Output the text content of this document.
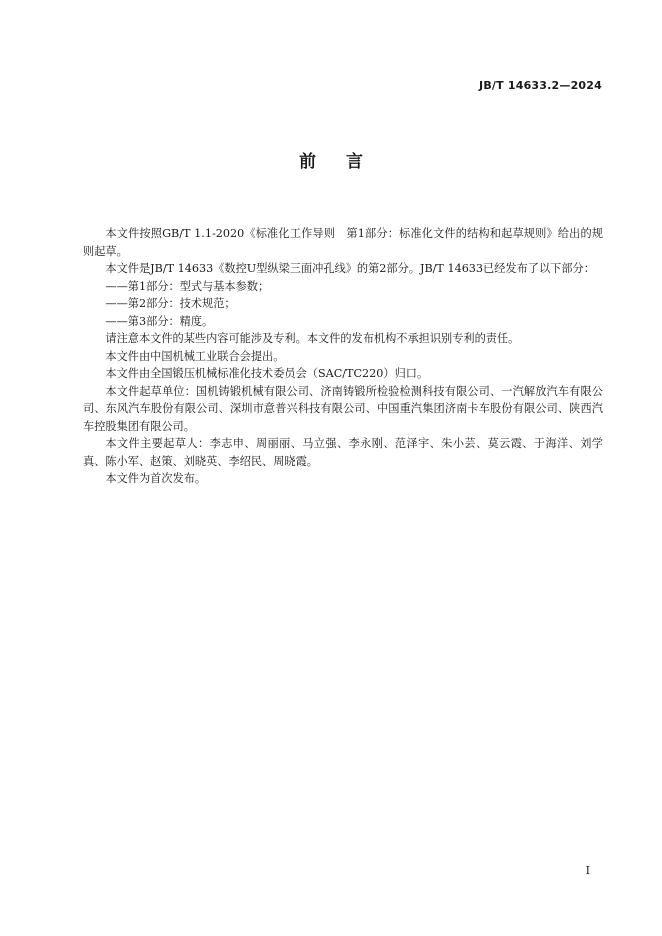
JB/T 14633.2—2024
前言

本文件按照GB/T 1.1-2020《标准化工作导则　第1部分：标准化文件的结构和起草规则》给出的规则起草。

本文件是JB/T 14633《数控U型纵梁三面冲孔线》的第2部分。JB/T 14633已经发布了以下部分：

——第1部分：型式与基本参数；

——第2部分：技术规范；

——第3部分：精度。

请注意本文件的某些内容可能涉及专利。本文件的发布机构不承担识别专利的责任。

本文件由中国机械工业联合会提出。

本文件由全国锻压机械标准化技术委员会（SAC/TC220）归口。

本文件起草单位：国机铸锻机械有限公司、济南铸锻所检验检测科技有限公司、一汽解放汽车有限公司、东风汽车股份有限公司、深圳市意普兴科技有限公司、中国重汽集团济南卡车股份有限公司、陕西汽车控股集团有限公司。

本文件主要起草人：李志申、周丽丽、马立强、李永刚、范泽宇、朱小芸、莫云霞、于海洋、刘学真、陈小军、赵策、刘晓英、李绍民、周晓霞。

本文件为首次发布。

I
